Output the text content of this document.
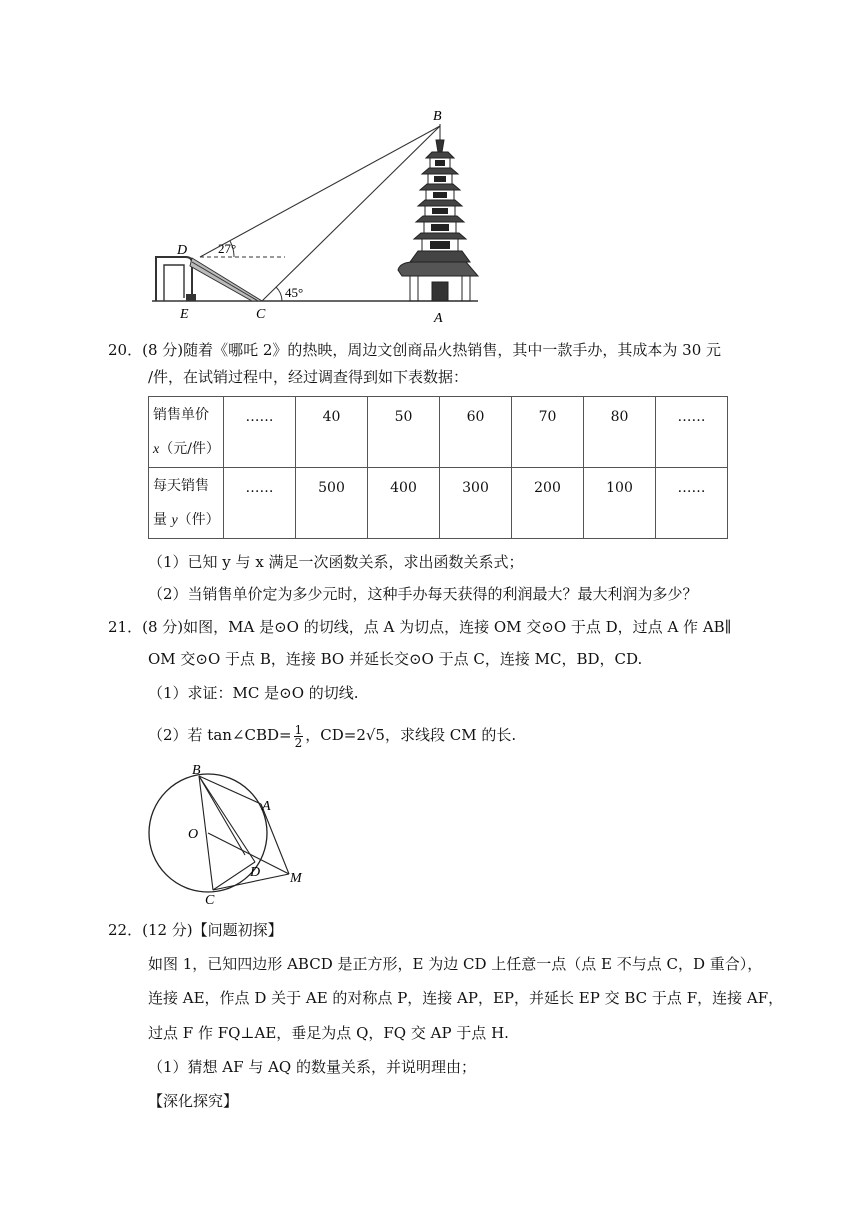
B
D
E	C	A
27°
45°
20．(8 分)随着《哪吒 2》的热映，周边文创商品火热销售，其中一款手办，其成本为 30 元
/件，在试销过程中，经过调查得到如下表数据：
销售单价
x（元/件）	……	40	50	60	70	80	……
每天销售
量 y（件）	……	500	400	300	200	100	……
（1）已知 y 与 x 满足一次函数关系，求出函数关系式；
（2）当销售单价定为多少元时，这种手办每天获得的利润最大？最大利润为多少？
21．(8 分)如图，MA 是⊙O 的切线，点 A 为切点，连接 OM 交⊙O 于点 D，过点 A 作 AB∥
OM 交⊙O 于点 B，连接 BO 并延长交⊙O 于点 C，连接 MC，BD，CD.
（1）求证：MC 是⊙O 的切线.
（2）若 tan∠CBD= $\frac{1}{2}$ ，CD=2√5，求线段 CM 的长.
B
A
O
D M
C
22．(12 分)【问题初探】
如图 1，已知四边形 ABCD 是正方形，E 为边 CD 上任意一点（点 E 不与点 C，D 重合），
连接 AE，作点 D 关于 AE 的对称点 P，连接 AP，EP，并延长 EP 交 BC 于点 F，连接 AF，
过点 F 作 FQ⊥AE，垂足为点 Q，FQ 交 AP 于点 H.
（1）猜想 AF 与 AQ 的数量关系，并说明理由；
【深化探究】
